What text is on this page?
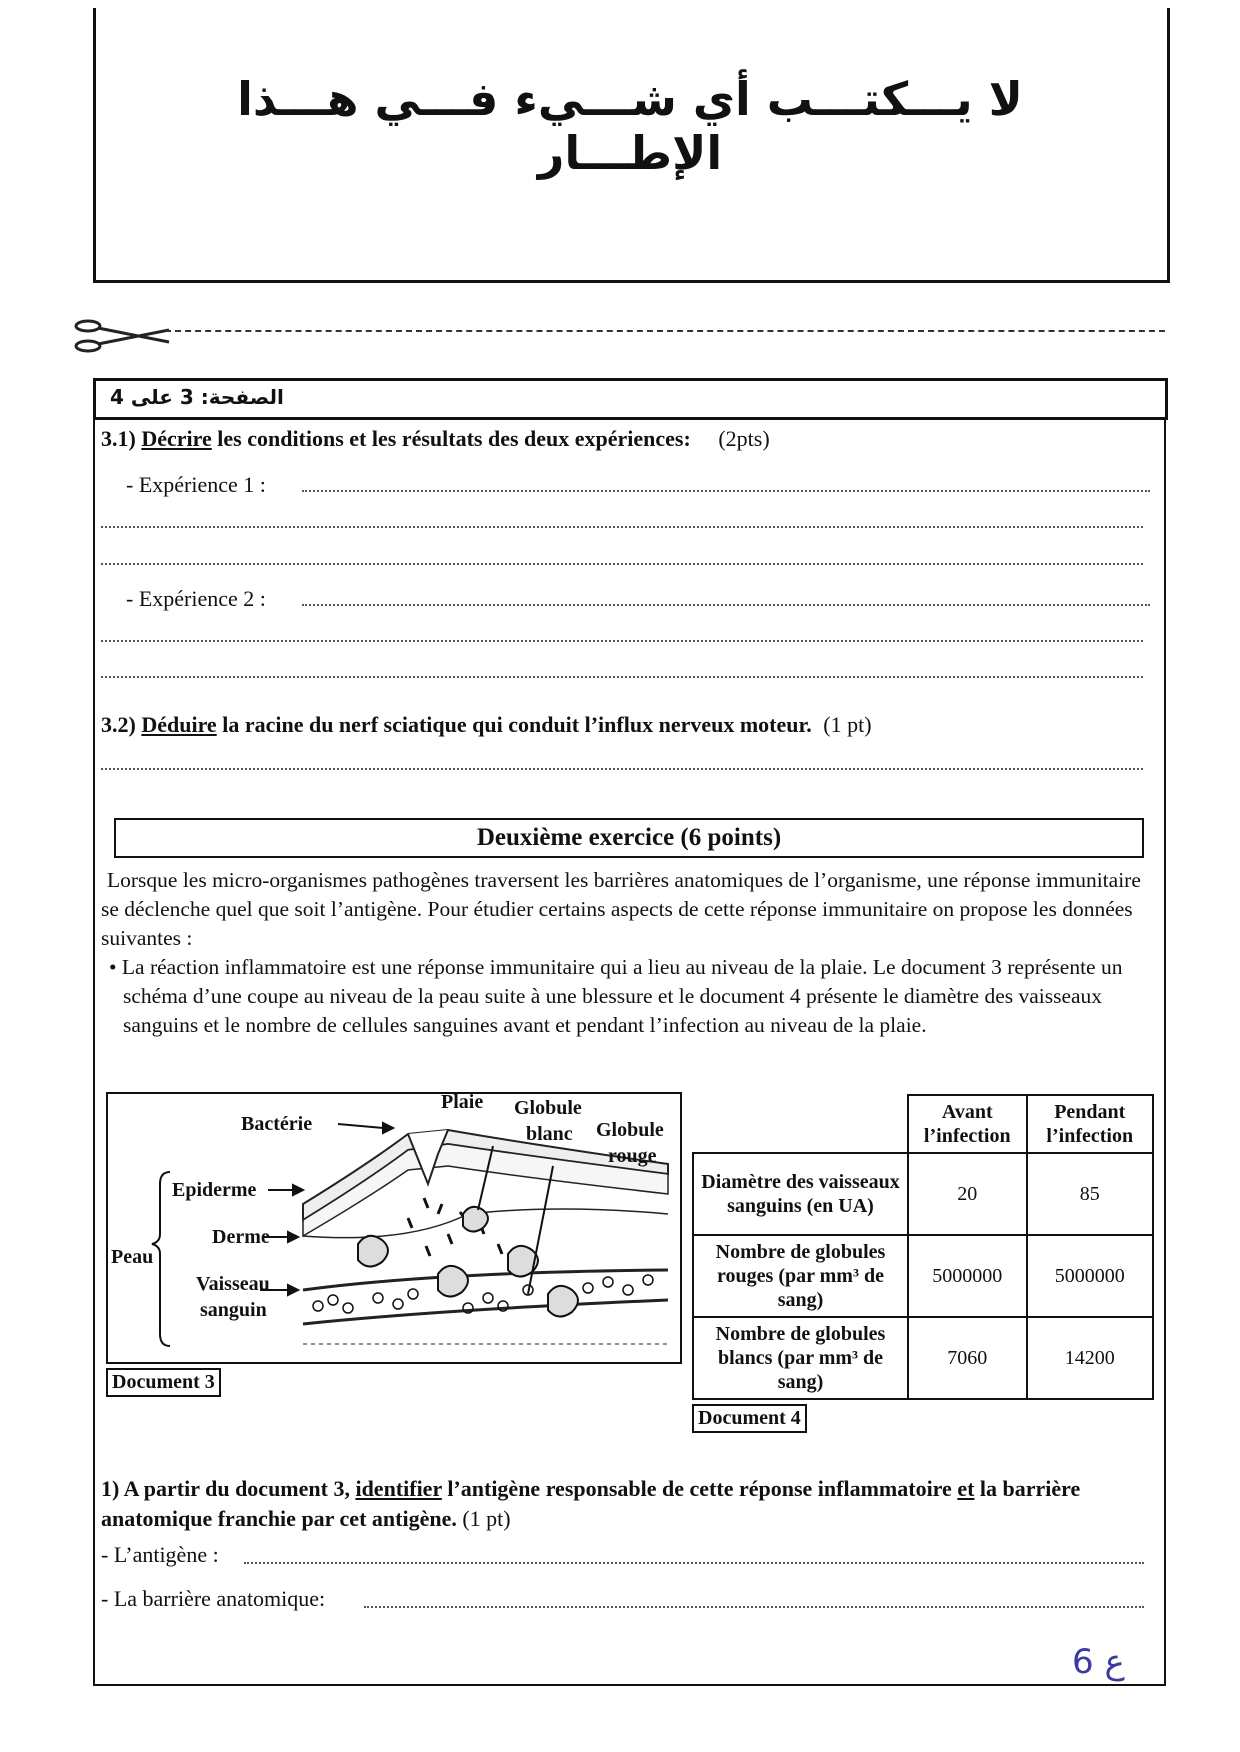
لا يـــكتـــب أي شـــيء فـــي هـــذا الإطـــار
الصفحة: 3 على 4
3.1) Décrire les conditions et les résultats des deux expériences: (2pts)
- Expérience 1 :
- Expérience 2 :
3.2) Déduire la racine du nerf sciatique qui conduit l’influx nerveux moteur. (1 pt)
Deuxième exercice (6 points)

Lorsque les micro-organismes pathogènes traversent les barrières anatomiques de l’organisme, une réponse immunitaire se déclenche quel que soit l’antigène. Pour étudier certains aspects de cette réponse immunitaire on propose les données suivantes :

• La réaction inflammatoire est une réponse immunitaire qui a lieu au niveau de la plaie. Le document 3 représente un schéma d’une coupe au niveau de la peau suite à une blessure et le document 4 présente le diamètre des vaisseaux sanguins et le nombre de cellules sanguines avant et pendant l’infection au niveau de la plaie.

Bactérie
Plaie Globule
blanc Globule
rouge
Epiderme
Derme
Peau
Vaisseau
sanguin
Document 3
	Avant l’infection	Pendant l’infection
Diamètre des vaisseaux sanguins (en UA)	20	85
Nombre de globules rouges (par mm³ de sang)	5000000	5000000
Nombre de globules blancs (par mm³ de sang)	7060	14200
Document 4
1) A partir du document 3, identifier l’antigène responsable de cette réponse inflammatoire et la barrière anatomique franchie par cet antigène. (1 pt)
- L’antigène :
- La barrière anatomique:
ع 6
